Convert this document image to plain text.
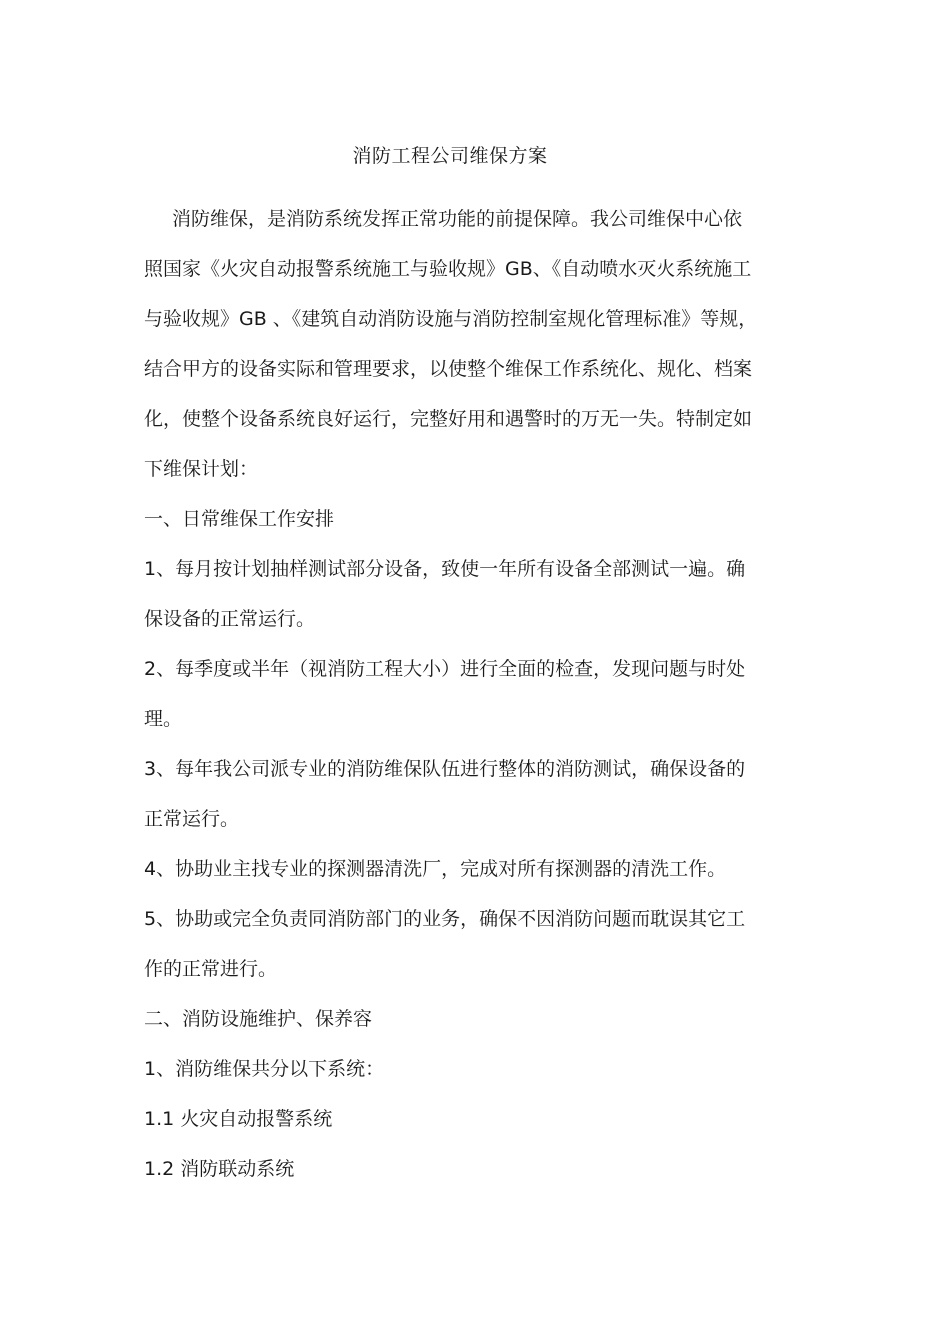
消防工程公司维保方案

消防维保，是消防系统发挥正常功能的前提保障。我公司维保中心依照国家《火灾自动报警系统施工与验收规》GB、《自动喷水灭火系统施工与验收规》GB 、《建筑自动消防设施与消防控制室规化管理标准》等规，结合甲方的设备实际和管理要求，以使整个维保工作系统化、规化、档案化，使整个设备系统良好运行，完整好用和遇警时的万无一失。特制定如下维保计划：

一、日常维保工作安排

1、每月按计划抽样测试部分设备，致使一年所有设备全部测试一遍。确保设备的正常运行。

2、每季度或半年（视消防工程大小）进行全面的检查，发现问题与时处理。

3、每年我公司派专业的消防维保队伍进行整体的消防测试，确保设备的正常运行。

4、协助业主找专业的探测器清洗厂，完成对所有探测器的清洗工作。

5、协助或完全负责同消防部门的业务，确保不因消防问题而耽误其它工作的正常进行。

二、消防设施维护、保养容

1、消防维保共分以下系统：

1.1 火灾自动报警系统

1.2 消防联动系统
